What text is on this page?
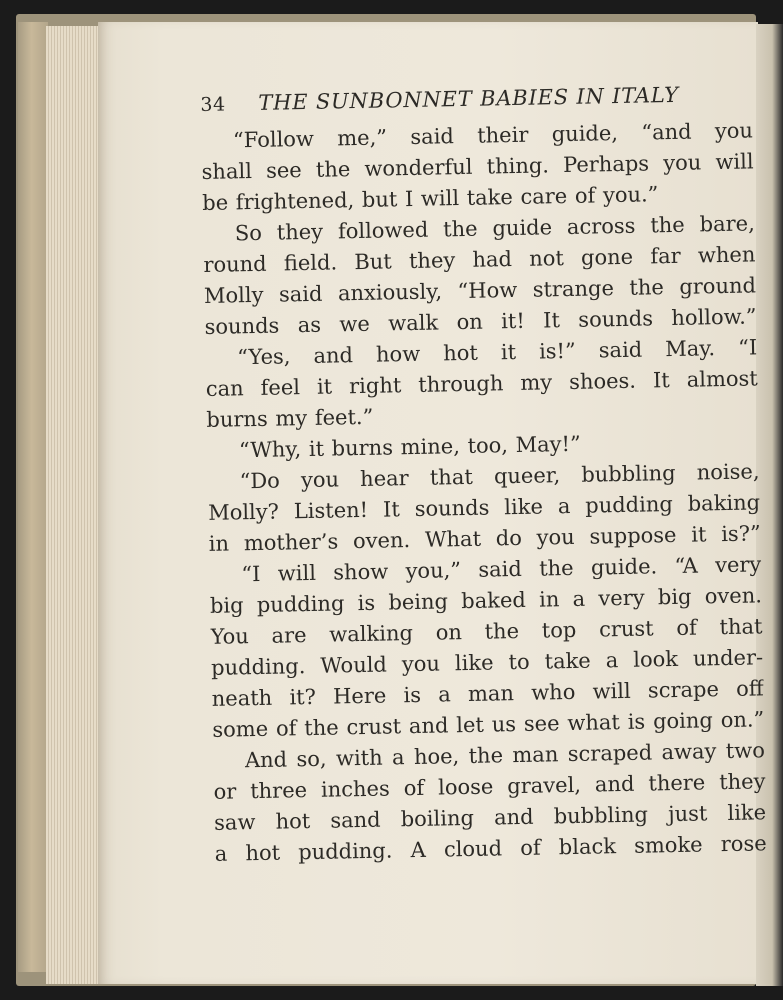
34 THE SUNBONNET BABIES IN ITALY
“Follow me,” said their guide, “and you
shall see the wonderful thing. Perhaps you will
be frightened, but I will take care of you.”
So they followed the guide across the bare,
round field. But they had not gone far when
Molly said anxiously, “How strange the ground
sounds as we walk on it! It sounds hollow.”
“Yes, and how hot it is!” said May. “I
can feel it right through my shoes. It almost
burns my feet.”
“Why, it burns mine, too, May!”
“Do you hear that queer, bubbling noise,
Molly? Listen! It sounds like a pudding baking
in mother’s oven. What do you suppose it is?”
“I will show you,” said the guide. “A very
big pudding is being baked in a very big oven.
You are walking on the top crust of that
pudding. Would you like to take a look under-
neath it? Here is a man who will scrape off
some of the crust and let us see what is going on.”
And so, with a hoe, the man scraped away two
or three inches of loose gravel, and there they
saw hot sand boiling and bubbling just like
a hot pudding. A cloud of black smoke rose
